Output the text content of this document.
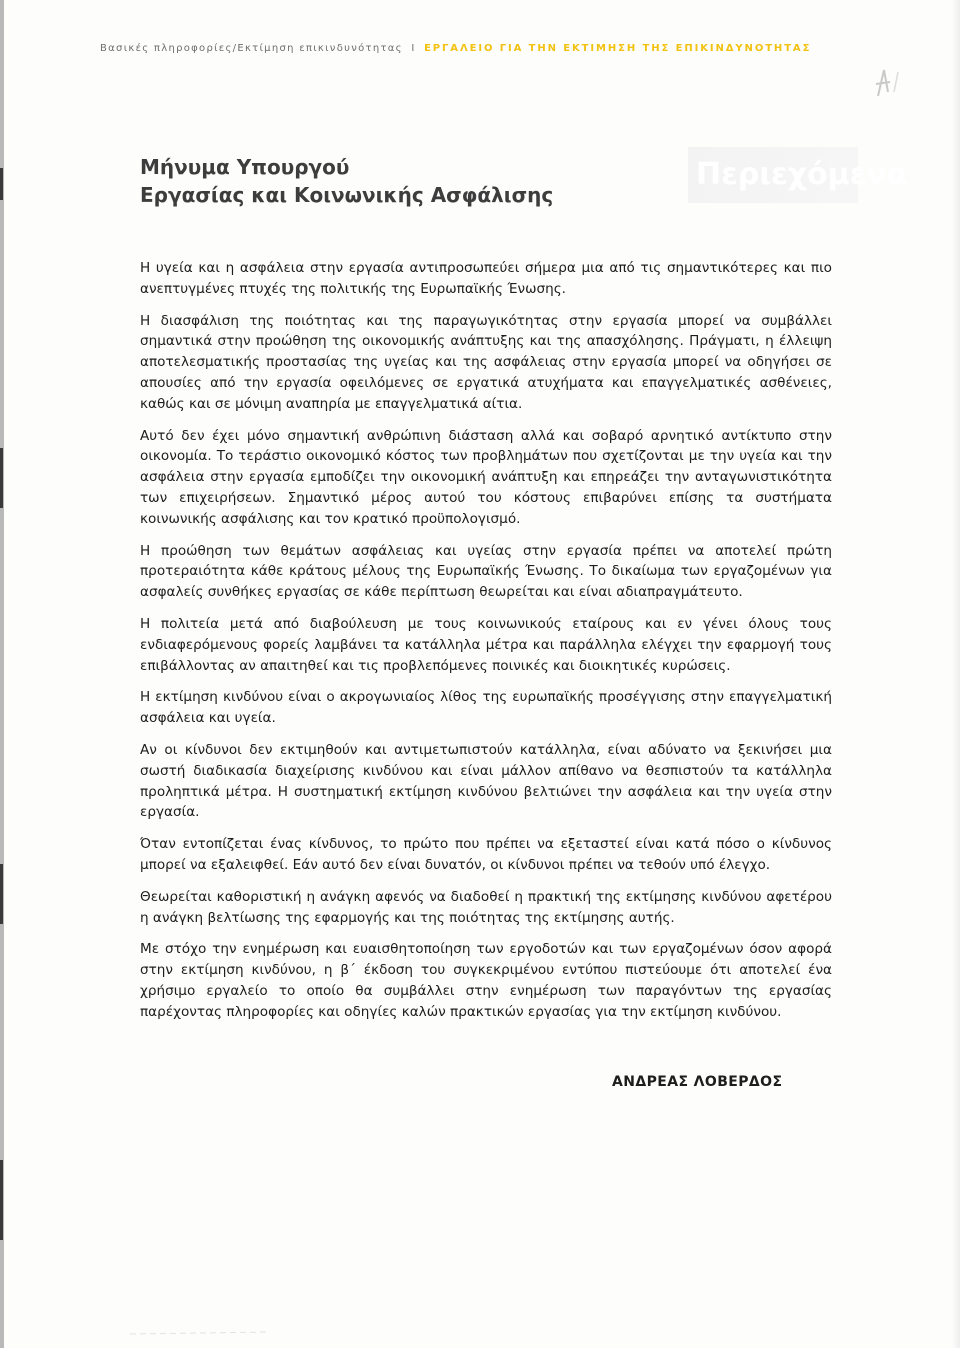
Βασικές πληροφορίες/Εκτίμηση επικινδυνότητας I ΕΡΓΑΛΕΙΟ ΓΙΑ ΤΗΝ ΕΚΤΙΜΗΣΗ ΤΗΣ ΕΠΙΚΙΝΔΥΝΟΤΗΤΑΣ
Περιεχόμενα
Μήνυμα Υπουργού
Εργασίας και Κοινωνικής Ασφάλισης

Η υγεία και η ασφάλεια στην εργασία αντιπροσωπεύει σήμερα μια από τις σημαντικότερες και πιο ανεπτυγμένες πτυχές της πολιτικής της Ευρωπαϊκής Ένωσης.

Η διασφάλιση της ποιότητας και της παραγωγικότητας στην εργασία μπορεί να συμβάλλει σημαντικά στην προώθηση της οικονομικής ανάπτυξης και της απασχόλησης. Πράγματι, η έλλειψη αποτελεσματικής προστασίας της υγείας και της ασφάλειας στην εργασία μπορεί να οδηγήσει σε απουσίες από την εργασία οφειλόμενες σε εργατικά ατυχήματα και επαγγελματικές ασθένειες, καθώς και σε μόνιμη αναπηρία με επαγγελματικά αίτια.

Αυτό δεν έχει μόνο σημαντική ανθρώπινη διάσταση αλλά και σοβαρό αρνητικό αντίκτυπο στην οικονομία. Το τεράστιο οικονομικό κόστος των προβλημάτων που σχετίζονται με την υγεία και την ασφάλεια στην εργασία εμποδίζει την οικονομική ανάπτυξη και επηρεάζει την ανταγωνιστικότητα των επιχειρήσεων. Σημαντικό μέρος αυτού του κόστους επιβαρύνει επίσης τα συστήματα κοινωνικής ασφάλισης και τον κρατικό προϋπολογισμό.

Η προώθηση των θεμάτων ασφάλειας και υγείας στην εργασία πρέπει να αποτελεί πρώτη προτεραιότητα κάθε κράτους μέλους της Ευρωπαϊκής Ένωσης. Το δικαίωμα των εργαζομένων για ασφαλείς συνθήκες εργασίας σε κάθε περίπτωση θεωρείται και είναι αδιαπραγμάτευτο.

Η πολιτεία μετά από διαβούλευση με τους κοινωνικούς εταίρους και εν γένει όλους τους ενδιαφερόμενους φορείς λαμβάνει τα κατάλληλα μέτρα και παράλληλα ελέγχει την εφαρμογή τους επιβάλλοντας αν απαιτηθεί και τις προβλεπόμενες ποινικές και διοικητικές κυρώσεις.

Η εκτίμηση κινδύνου είναι ο ακρογωνιαίος λίθος της ευρωπαϊκής προσέγγισης στην επαγγελματική ασφάλεια και υγεία.

Αν οι κίνδυνοι δεν εκτιμηθούν και αντιμετωπιστούν κατάλληλα, είναι αδύνατο να ξεκινήσει μια σωστή διαδικασία διαχείρισης κινδύνου και είναι μάλλον απίθανο να θεσπιστούν τα κατάλληλα προληπτικά μέτρα. Η συστηματική εκτίμηση κινδύνου βελτιώνει την ασφάλεια και την υγεία στην εργασία.

Όταν εντοπίζεται ένας κίνδυνος, το πρώτο που πρέπει να εξεταστεί είναι κατά πόσο ο κίνδυνος μπορεί να εξαλειφθεί. Εάν αυτό δεν είναι δυνατόν, οι κίνδυνοι πρέπει να τεθούν υπό έλεγχο.

Θεωρείται καθοριστική η ανάγκη αφενός να διαδοθεί η πρακτική της εκτίμησης κινδύνου αφετέρου η ανάγκη βελτίωσης της εφαρμογής και της ποιότητας της εκτίμησης αυτής.

Με στόχο την ενημέρωση και ευαισθητοποίηση των εργοδοτών και των εργαζομένων όσον αφορά στην εκτίμηση κινδύνου, η β΄ έκδοση του συγκεκριμένου εντύπου πιστεύουμε ότι αποτελεί ένα χρήσιμο εργαλείο το οποίο θα συμβάλλει στην ενημέρωση των παραγόντων της εργασίας παρέχοντας πληροφορίες και οδηγίες καλών πρακτικών εργασίας για την εκτίμηση κινδύνου.

ΑΝΔΡΕΑΣ ΛΟΒΕΡΔΟΣ
